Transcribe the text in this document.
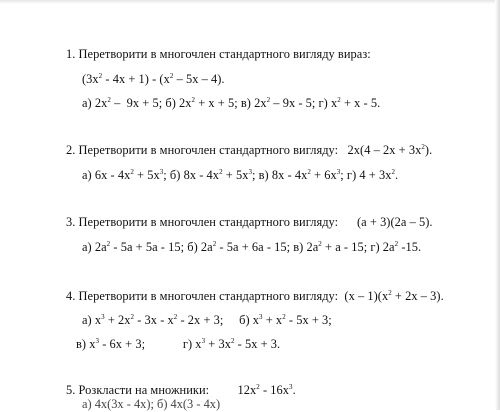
1. Перетворити в многочлен стандартного вигляду вираз:
$(3x^2 - 4x + 1) - (x^2 - 5x - 4)$.
а) $2x^2 - 9x + 5$; б) $2x^2 + x + 5$; в) $2x^2 - 9x - 5$; г) $x^2 + x - 5$.
2. Перетворити в многочлен стандартного вигляду:   $2x(4 - 2x + 3x^2)$.
а) $6x - 4x^2 + 5x^3$; б) $8x - 4x^2 + 5x^3$; в) $8x - 4x^2 + 6x^3$; г) $4 + 3x^2$.
3. Перетворити в многочлен стандартного вигляду:      (a + 3)(2a – 5).
а) $2a^2 - 5a + 5a - 15$; б) $2a^2 - 5a + 6a - 15$; в) $2a^2 + a - 15$; г) $2a^2$ -15.
4. Перетворити в многочлен стандартного вигляду:  $(x - 1)(x^2 + 2x - 3)$.
а) $x^3 + 2x^2 - 3x - x^2 - 2x + 3$;     б) $x^3 + x^2 - 5x + 3$;
в) $x^3 - 6x + 3$;            г) $x^3 + 3x^2 - 5x + 3$.
5. Розкласти на множники:         $12x^2 - 16x^3$.
а) 4x(3x - 4x); б) 4x(3 - 4x)
